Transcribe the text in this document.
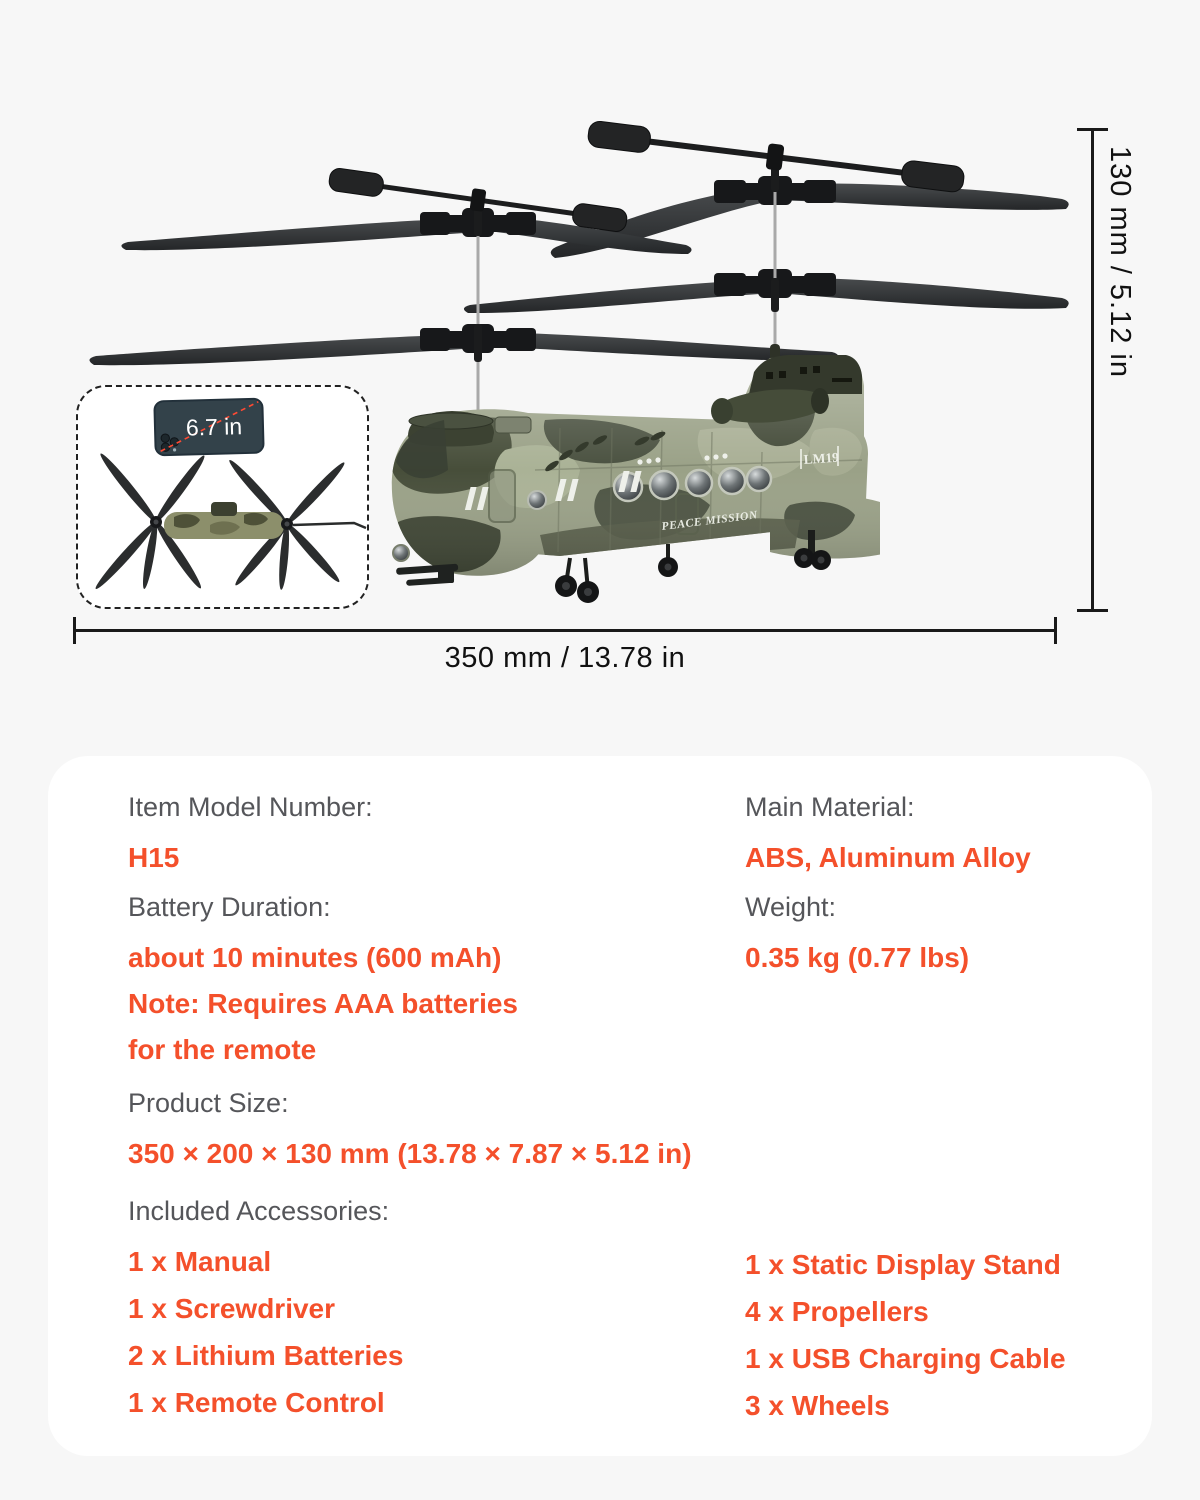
PEACE MISSION
LM19
6.7 in
130 mm / 5.12 in
350 mm / 13.78 in
Item Model Number:
H15
Main Material:
ABS, Aluminum Alloy
Battery Duration:
about 10 minutes (600 mAh)
Note: Requires AAA batteries
for the remote
Weight:
0.35 kg (0.77 lbs)
Product Size:
350 × 200 × 130 mm (13.78 × 7.87 × 5.12 in)
Included Accessories:
1 x Manual
1 x Screwdriver
2 x Lithium Batteries
1 x Remote Control
1 x Static Display Stand
4 x Propellers
1 x USB Charging Cable
3 x Wheels
